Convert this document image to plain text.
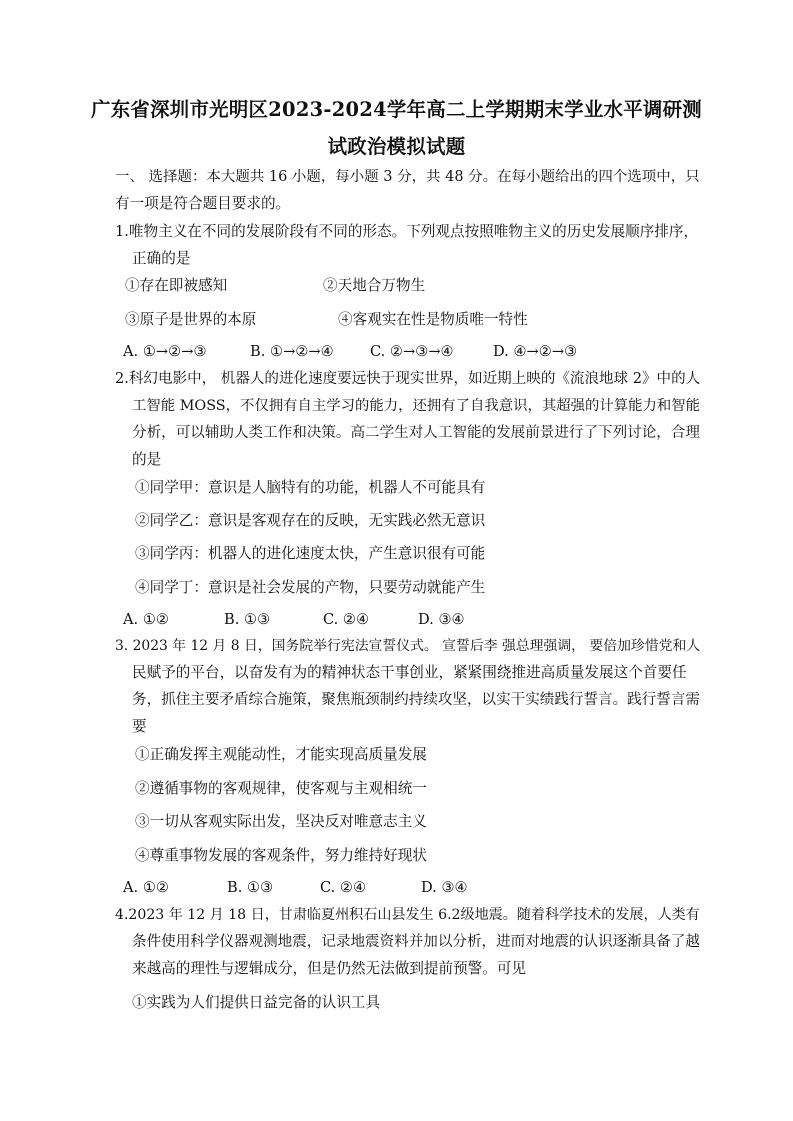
广东省深圳市光明区2023-2024学年高二上学期期末学业水平调研测
试政治模拟试题
一、 选择题：本大题共 16 小题，每小题 3 分，共 48 分。在每小题给出的四个选项中，只
有一项是符合题目要求的。
1.唯物主义在不同的发展阶段有不同的形态。下列观点按照唯物主义的历史发展顺序排序，
正确的是
①存在即被感知	②天地合万物生
③原子是世界的本原	④客观实在性是物质唯一特性
A. ①→②→③	B. ①→②→④ C. ②→③→④	D. ④→②→③
2.科幻电影中， 机器人的进化速度要远快于现实世界，如近期上映的《流浪地球 2》中的人
工智能 MOSS，不仅拥有自主学习的能力，还拥有了自我意识，其超强的计算能力和智能
分析，可以辅助人类工作和决策。高二学生对人工智能的发展前景进行了下列讨论，合理
的是
①同学甲：意识是人脑特有的功能，机器人不可能具有
②同学乙：意识是客观存在的反映，无实践必然无意识
③同学丙：机器人的进化速度太快，产生意识很有可能
④同学丁：意识是社会发展的产物，只要劳动就能产生
A. ①②	B. ①③	C. ②④	D. ③④
3. 2023 年 12 月 8 日，国务院举行宪法宣誓仪式。 宣誓后李 强总理强调， 要倍加珍惜党和人
民赋予的平台，以奋发有为的精神状态干事创业，紧紧围绕推进高质量发展这个首要任
务，抓住主要矛盾综合施策，聚焦瓶颈制约持续攻坚，以实干实绩践行誓言。践行誓言需
要
①正确发挥主观能动性，才能实现高质量发展
②遵循事物的客观规律，使客观与主观相统一
③一切从客观实际出发，坚决反对唯意志主义
④尊重事物发展的客观条件，努力维持好现状
A. ①②	B. ①③	C. ②④	D. ③④
4.2023 年 12 月 18 日，甘肃临夏州积石山县发生 6.2级地震。随着科学技术的发展，人类有
条件使用科学仪器观测地震，记录地震资料并加以分析，进而对地震的认识逐渐具备了越
来越高的理性与逻辑成分，但是仍然无法做到提前预警。可见
①实践为人们提供日益完备的认识工具
